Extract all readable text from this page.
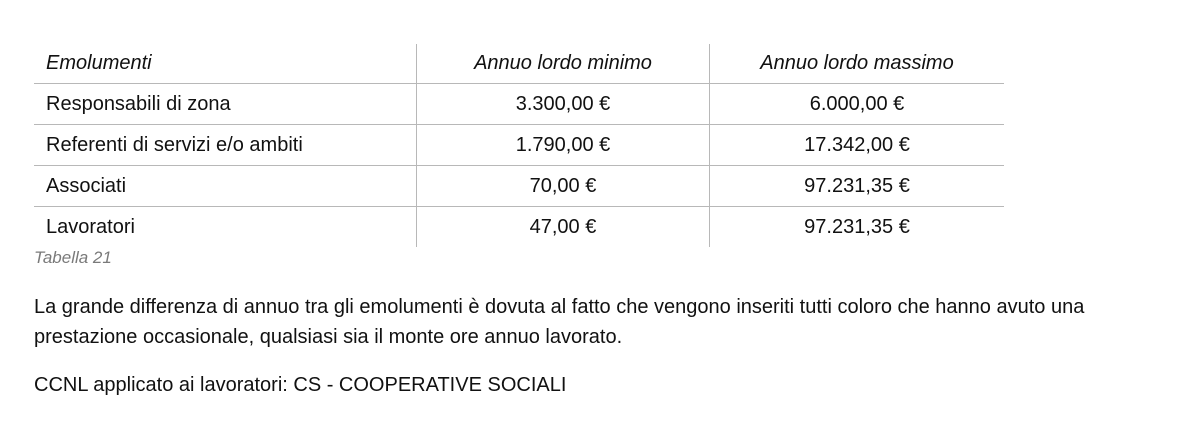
Emolumenti	Annuo lordo minimo	Annuo lordo massimo
Responsabili di zona	3.300,00 €	6.000,00 €
Referenti di servizi e/o ambiti	1.790,00 €	17.342,00 €
Associati	70,00 €	97.231,35 €
Lavoratori	47,00 €	97.231,35 €
Tabella 21

La grande differenza di annuo tra gli emolumenti è dovuta al fatto che vengono inseriti tutti coloro che hanno avuto una prestazione occasionale, qualsiasi sia il monte ore annuo lavorato.

CCNL applicato ai lavoratori: CS - COOPERATIVE SOCIALI
